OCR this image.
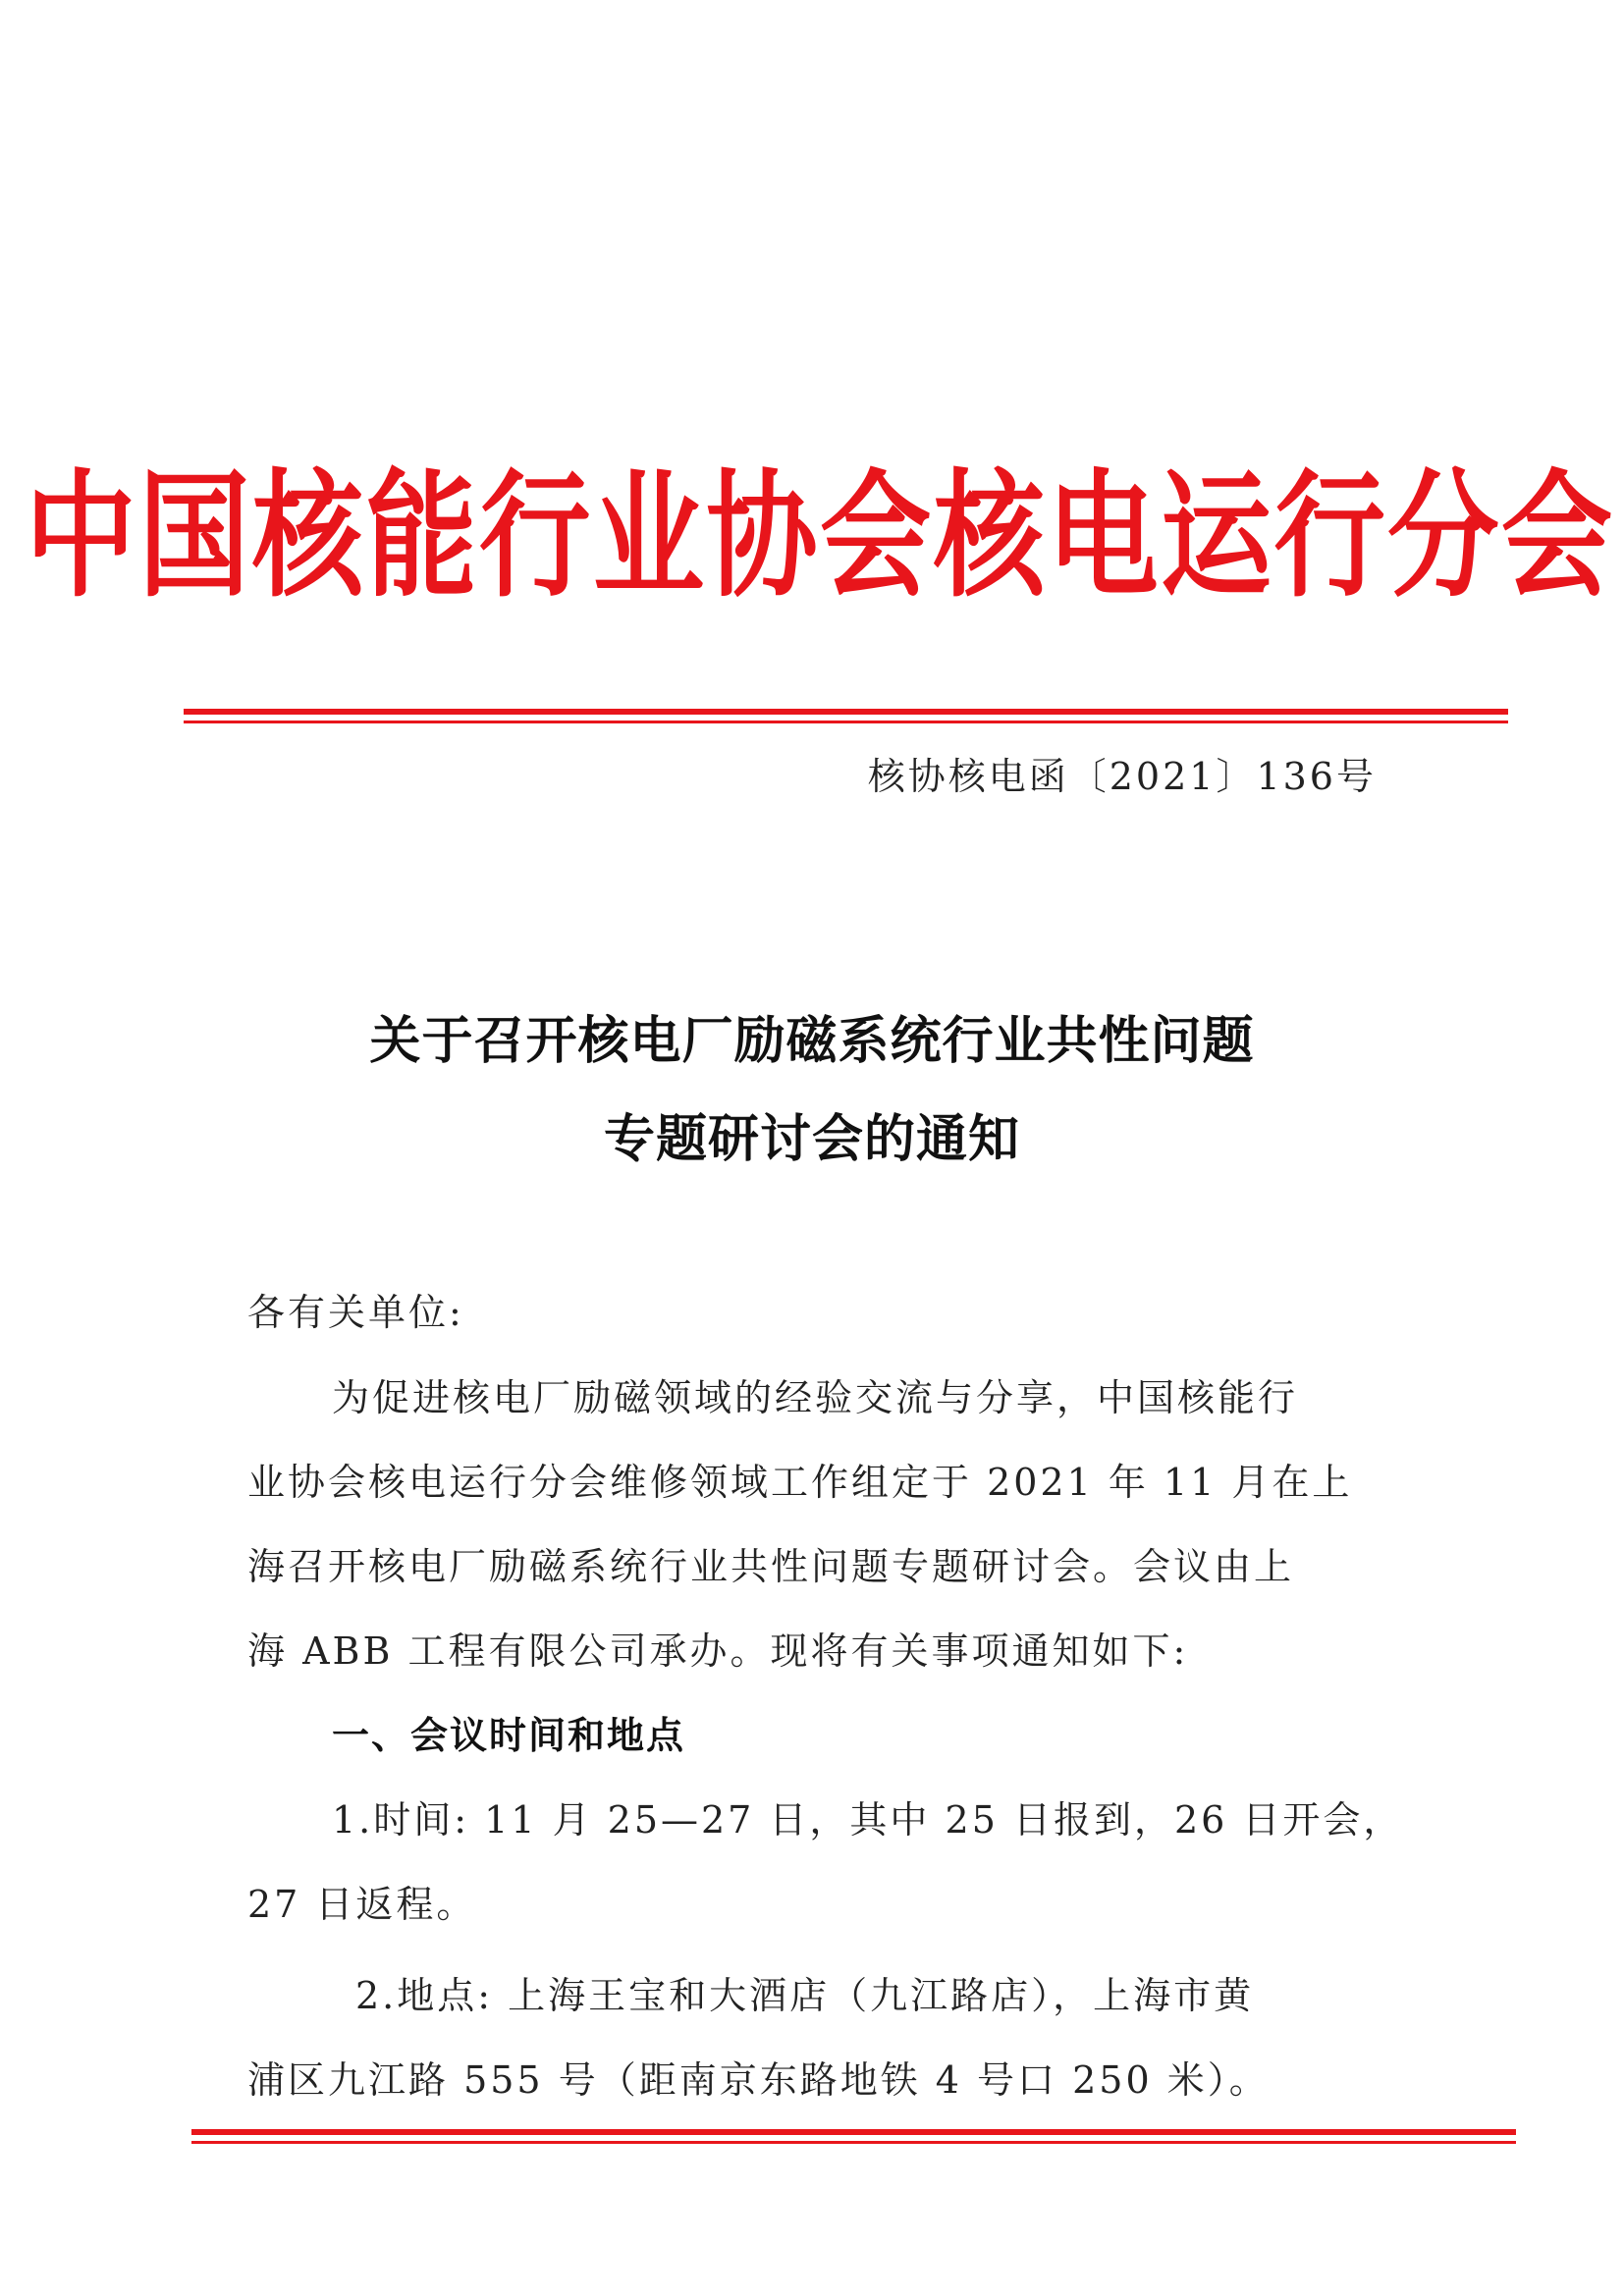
中国核能行业协会核电运行分会
核协核电函〔2021〕136号
关于召开核电厂励磁系统行业共性问题
专题研讨会的通知
各有关单位:
为促进核电厂励磁领域的经验交流与分享，中国核能行
业协会核电运行分会维修领域工作组定于 2021 年 11 月在上
海召开核电厂励磁系统行业共性问题专题研讨会。会议由上
海 ABB 工程有限公司承办。现将有关事项通知如下:
一、会议时间和地点
1.时间: 11 月 25—27 日，其中 25 日报到，26 日开会，
27 日返程。
2.地点: 上海王宝和大酒店（九江路店），上海市黄
浦区九江路 555 号（距南京东路地铁 4 号口 250 米）。
